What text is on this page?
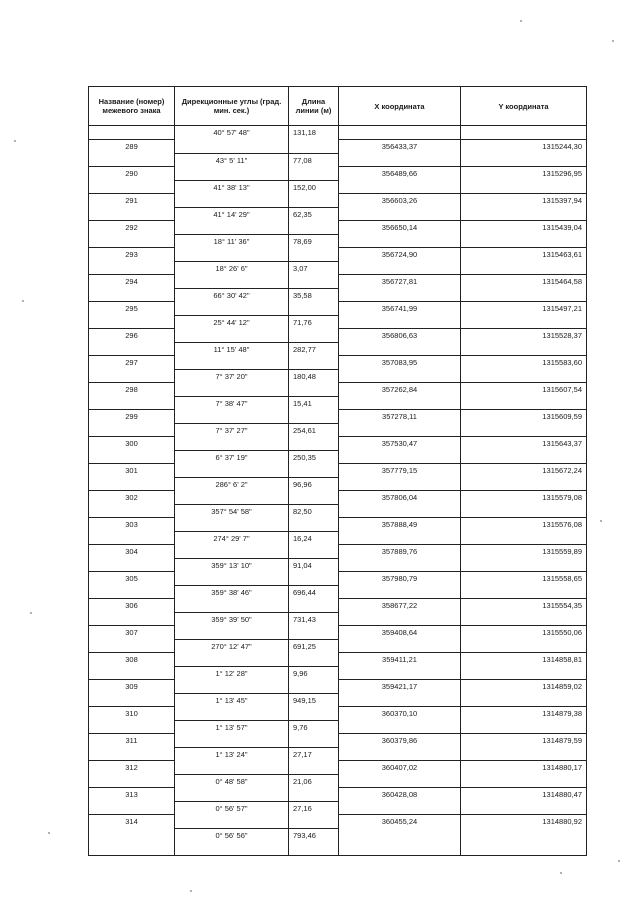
Название (номер) межевого знака	Дирекционные углы (град. мин. сек.)	Длина линии (м)	X координата	Y координата
	40° 57' 48"	131,18		
289			356433,37	1315244,30
	43° 5' 11"	77,08		
290			356489,66	1315296,95
	41° 38' 13"	152,00		
291			356603,26	1315397,94
	41° 14' 29"	62,35		
292			356650,14	1315439,04
	18° 11' 36"	78,69		
293			356724,90	1315463,61
	18° 26' 6"	3,07		
294			356727,81	1315464,58
	66° 30' 42"	35,58		
295			356741,99	1315497,21
	25° 44' 12"	71,76		
296			356806,63	1315528,37
	11° 15' 48"	282,77		
297			357083,95	1315583,60
	7° 37' 20"	180,48		
298			357262,84	1315607,54
	7° 38' 47"	15,41		
299			357278,11	1315609,59
	7° 37' 27"	254,61		
300			357530,47	1315643,37
	6° 37' 19"	250,35		
301			357779,15	1315672,24
	286° 6' 2"	96,96		
302			357806,04	1315579,08
	357° 54' 58"	82,50		
303			357888,49	1315576,08
	274° 29' 7"	16,24		
304			357889,76	1315559,89
	359° 13' 10"	91,04		
305			357980,79	1315558,65
	359° 38' 46"	696,44		
306			358677,22	1315554,35
	359° 39' 50"	731,43		
307			359408,64	1315550,06
	270° 12' 47"	691,25		
308			359411,21	1314858,81
	1° 12' 28"	9,96		
309			359421,17	1314859,02
	1° 13' 45"	949,15		
310			360370,10	1314879,38
	1° 13' 57"	9,76		
311			360379,86	1314879,59
	1° 13' 24"	27,17		
312			360407,02	1314880,17
	0° 48' 58"	21,06		
313			360428,08	1314880,47
	0° 56' 57"	27,16		
314			360455,24	1314880,92
	0° 56' 56"	793,46		
